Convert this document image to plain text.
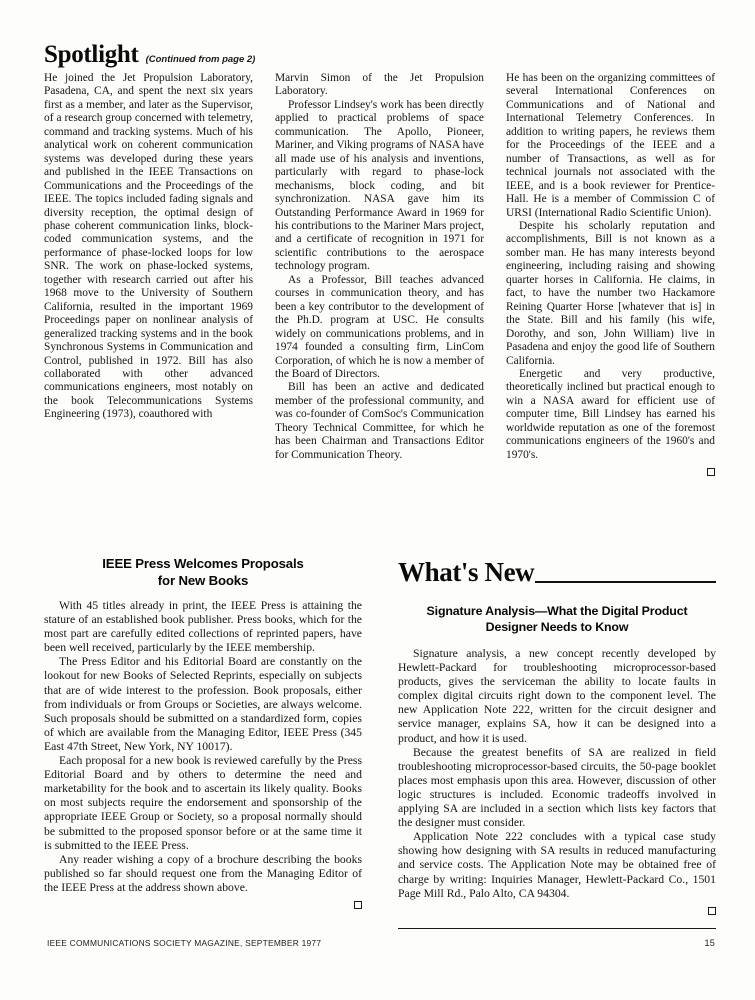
Spotlight (Continued from page 2)

He joined the Jet Propulsion Laboratory, Pasadena, CA, and spent the next six years first as a member, and later as the Supervisor, of a research group concerned with telemetry, command and tracking systems. Much of his analytical work on coherent communication systems was developed during these years and published in the IEEE Transactions on Communications and the Proceedings of the IEEE. The topics included fading signals and diversity reception, the optimal design of phase coherent communication links, block-coded communication systems, and the performance of phase-locked loops for low SNR. The work on phase-locked systems, together with research carried out after his 1968 move to the University of Southern California, resulted in the important 1969 Proceedings paper on nonlinear analysis of generalized tracking systems and in the book Synchronous Systems in Communication and Control, published in 1972. Bill has also collaborated with other advanced communications engineers, most notably on the book Telecommunications Systems Engineering (1973), coauthored with

Marvin Simon of the Jet Propulsion Laboratory.

Professor Lindsey's work has been directly applied to practical problems of space communication. The Apollo, Pioneer, Mariner, and Viking programs of NASA have all made use of his analysis and inventions, particularly with regard to phase-lock mechanisms, block coding, and bit synchronization. NASA gave him its Outstanding Performance Award in 1969 for his contributions to the Mariner Mars project, and a certificate of recognition in 1971 for scientific contributions to the aerospace technology program.

As a Professor, Bill teaches advanced courses in communication theory, and has been a key contributor to the development of the Ph.D. program at USC. He consults widely on communications problems, and in 1974 founded a consulting firm, LinCom Corporation, of which he is now a member of the Board of Directors.

Bill has been an active and dedicated member of the professional community, and was co-founder of ComSoc's Communication Theory Technical Committee, for which he has been Chairman and Transactions Editor for Communication Theory.

He has been on the organizing committees of several International Conferences on Communications and of National and International Telemetry Conferences. In addition to writing papers, he reviews them for the Proceedings of the IEEE and a number of Transactions, as well as for technical journals not associated with the IEEE, and is a book reviewer for Prentice-Hall. He is a member of Commission C of URSI (International Radio Scientific Union).

Despite his scholarly reputation and accomplishments, Bill is not known as a somber man. He has many interests beyond engineering, including raising and showing quarter horses in California. He claims, in fact, to have the number two Hackamore Reining Quarter Horse [whatever that is] in the State. Bill and his family (his wife, Dorothy, and son, John William) live in Pasadena and enjoy the good life of Southern California.

Energetic and very productive, theoretically inclined but practical enough to win a NASA award for efficient use of computer time, Bill Lindsey has earned his worldwide reputation as one of the foremost communications engineers of the 1960's and 1970's.

IEEE Press Welcomes Proposals
for New Books

With 45 titles already in print, the IEEE Press is attaining the stature of an established book publisher. Press books, which for the most part are carefully edited collections of reprinted papers, have been well received, particularly by the IEEE membership.

The Press Editor and his Editorial Board are constantly on the lookout for new Books of Selected Reprints, especially on subjects that are of wide interest to the profession. Book proposals, either from individuals or from Groups or Societies, are always welcome. Such proposals should be submitted on a standardized form, copies of which are available from the Managing Editor, IEEE Press (345 East 47th Street, New York, NY 10017).

Each proposal for a new book is reviewed carefully by the Press Editorial Board and by others to determine the need and marketability for the book and to ascertain its likely quality. Books on most subjects require the endorsement and sponsorship of the appropriate IEEE Group or Society, so a proposal normally should be submitted to the proposed sponsor before or at the same time it is submitted to the IEEE Press.

Any reader wishing a copy of a brochure describing the books published so far should request one from the Managing Editor of the IEEE Press at the address shown above.

What's New
Signature Analysis—What the Digital Product
Designer Needs to Know

Signature analysis, a new concept recently developed by Hewlett-Packard for troubleshooting microprocessor-based products, gives the serviceman the ability to locate faults in complex digital circuits right down to the component level. The new Application Note 222, written for the circuit designer and service manager, explains SA, how it can be designed into a product, and how it is used.

Because the greatest benefits of SA are realized in field troubleshooting microprocessor-based circuits, the 50-page booklet places most emphasis upon this area. However, discussion of other logic structures is included. Economic tradeoffs involved in applying SA are included in a section which lists key factors that the designer must consider.

Application Note 222 concludes with a typical case study showing how designing with SA results in reduced manufacturing and service costs. The Application Note may be obtained free of charge by writing: Inquiries Manager, Hewlett-Packard Co., 1501 Page Mill Rd., Palo Alto, CA 94304.

IEEE COMMUNICATIONS SOCIETY MAGAZINE, SEPTEMBER 1977	15
